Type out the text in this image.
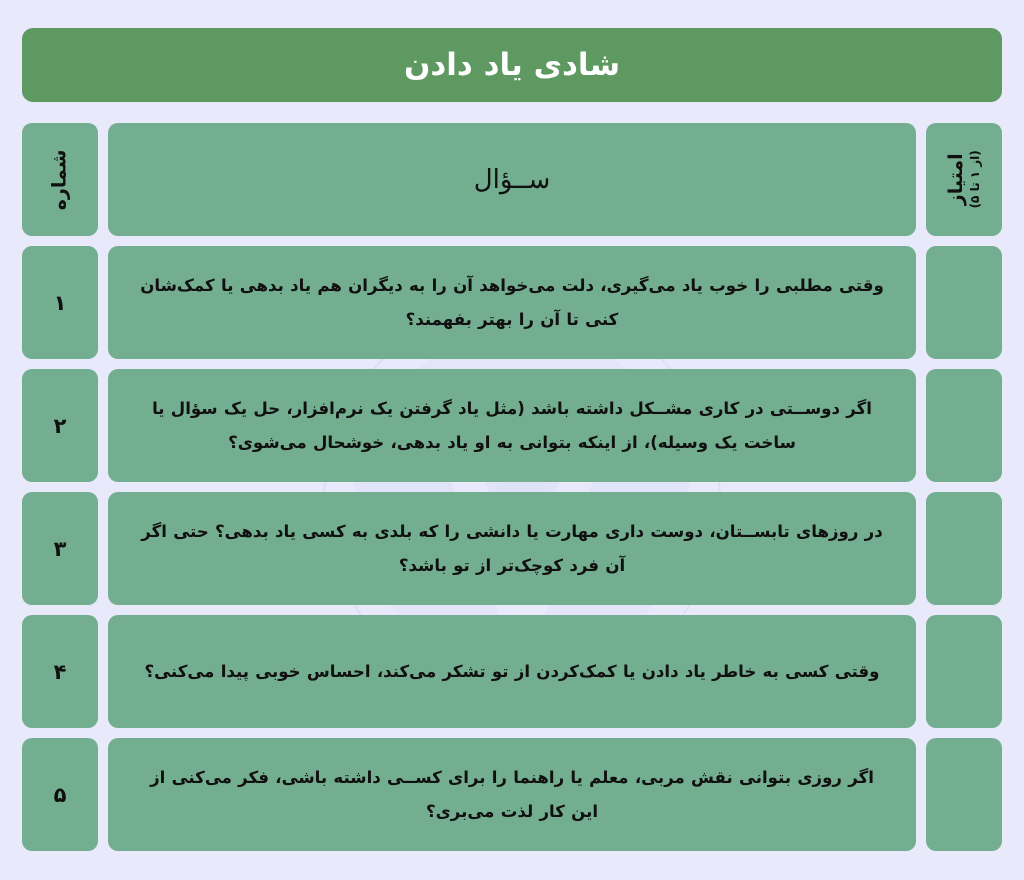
شادی یاد دادن
امتیاز
(از ۱ تا ۵)
ســؤال
شماره
وقتی مطلبی را خوب یاد می‌گیری، دلت می‌خواهد آن را به دیگران هم یاد بدهی یا کمک‌شان کنی تا آن را بهتر بفهمند؟
۱
اگر دوســتی در کاری مشــکل داشته باشد (مثل یاد گرفتن یک نرم‌افزار، حل یک سؤال یا ساخت یک وسیله)، از اینکه بتوانی به او یاد بدهی، خوشحال می‌شوی؟
۲
در روزهای تابســتان، دوست داری مهارت یا دانشی را که بلدی به کسی یاد بدهی؟ حتی اگر آن فرد کوچک‌تر از تو باشد؟
۳
وقتی کسی به خاطر یاد دادن یا کمک‌کردن از تو تشکر می‌کند، احساس خوبی پیدا می‌کنی؟
۴
اگر روزی بتوانی نقش مربی، معلم یا راهنما را برای کســی داشته باشی، فکر می‌کنی از این کار لذت می‌بری؟
۵
